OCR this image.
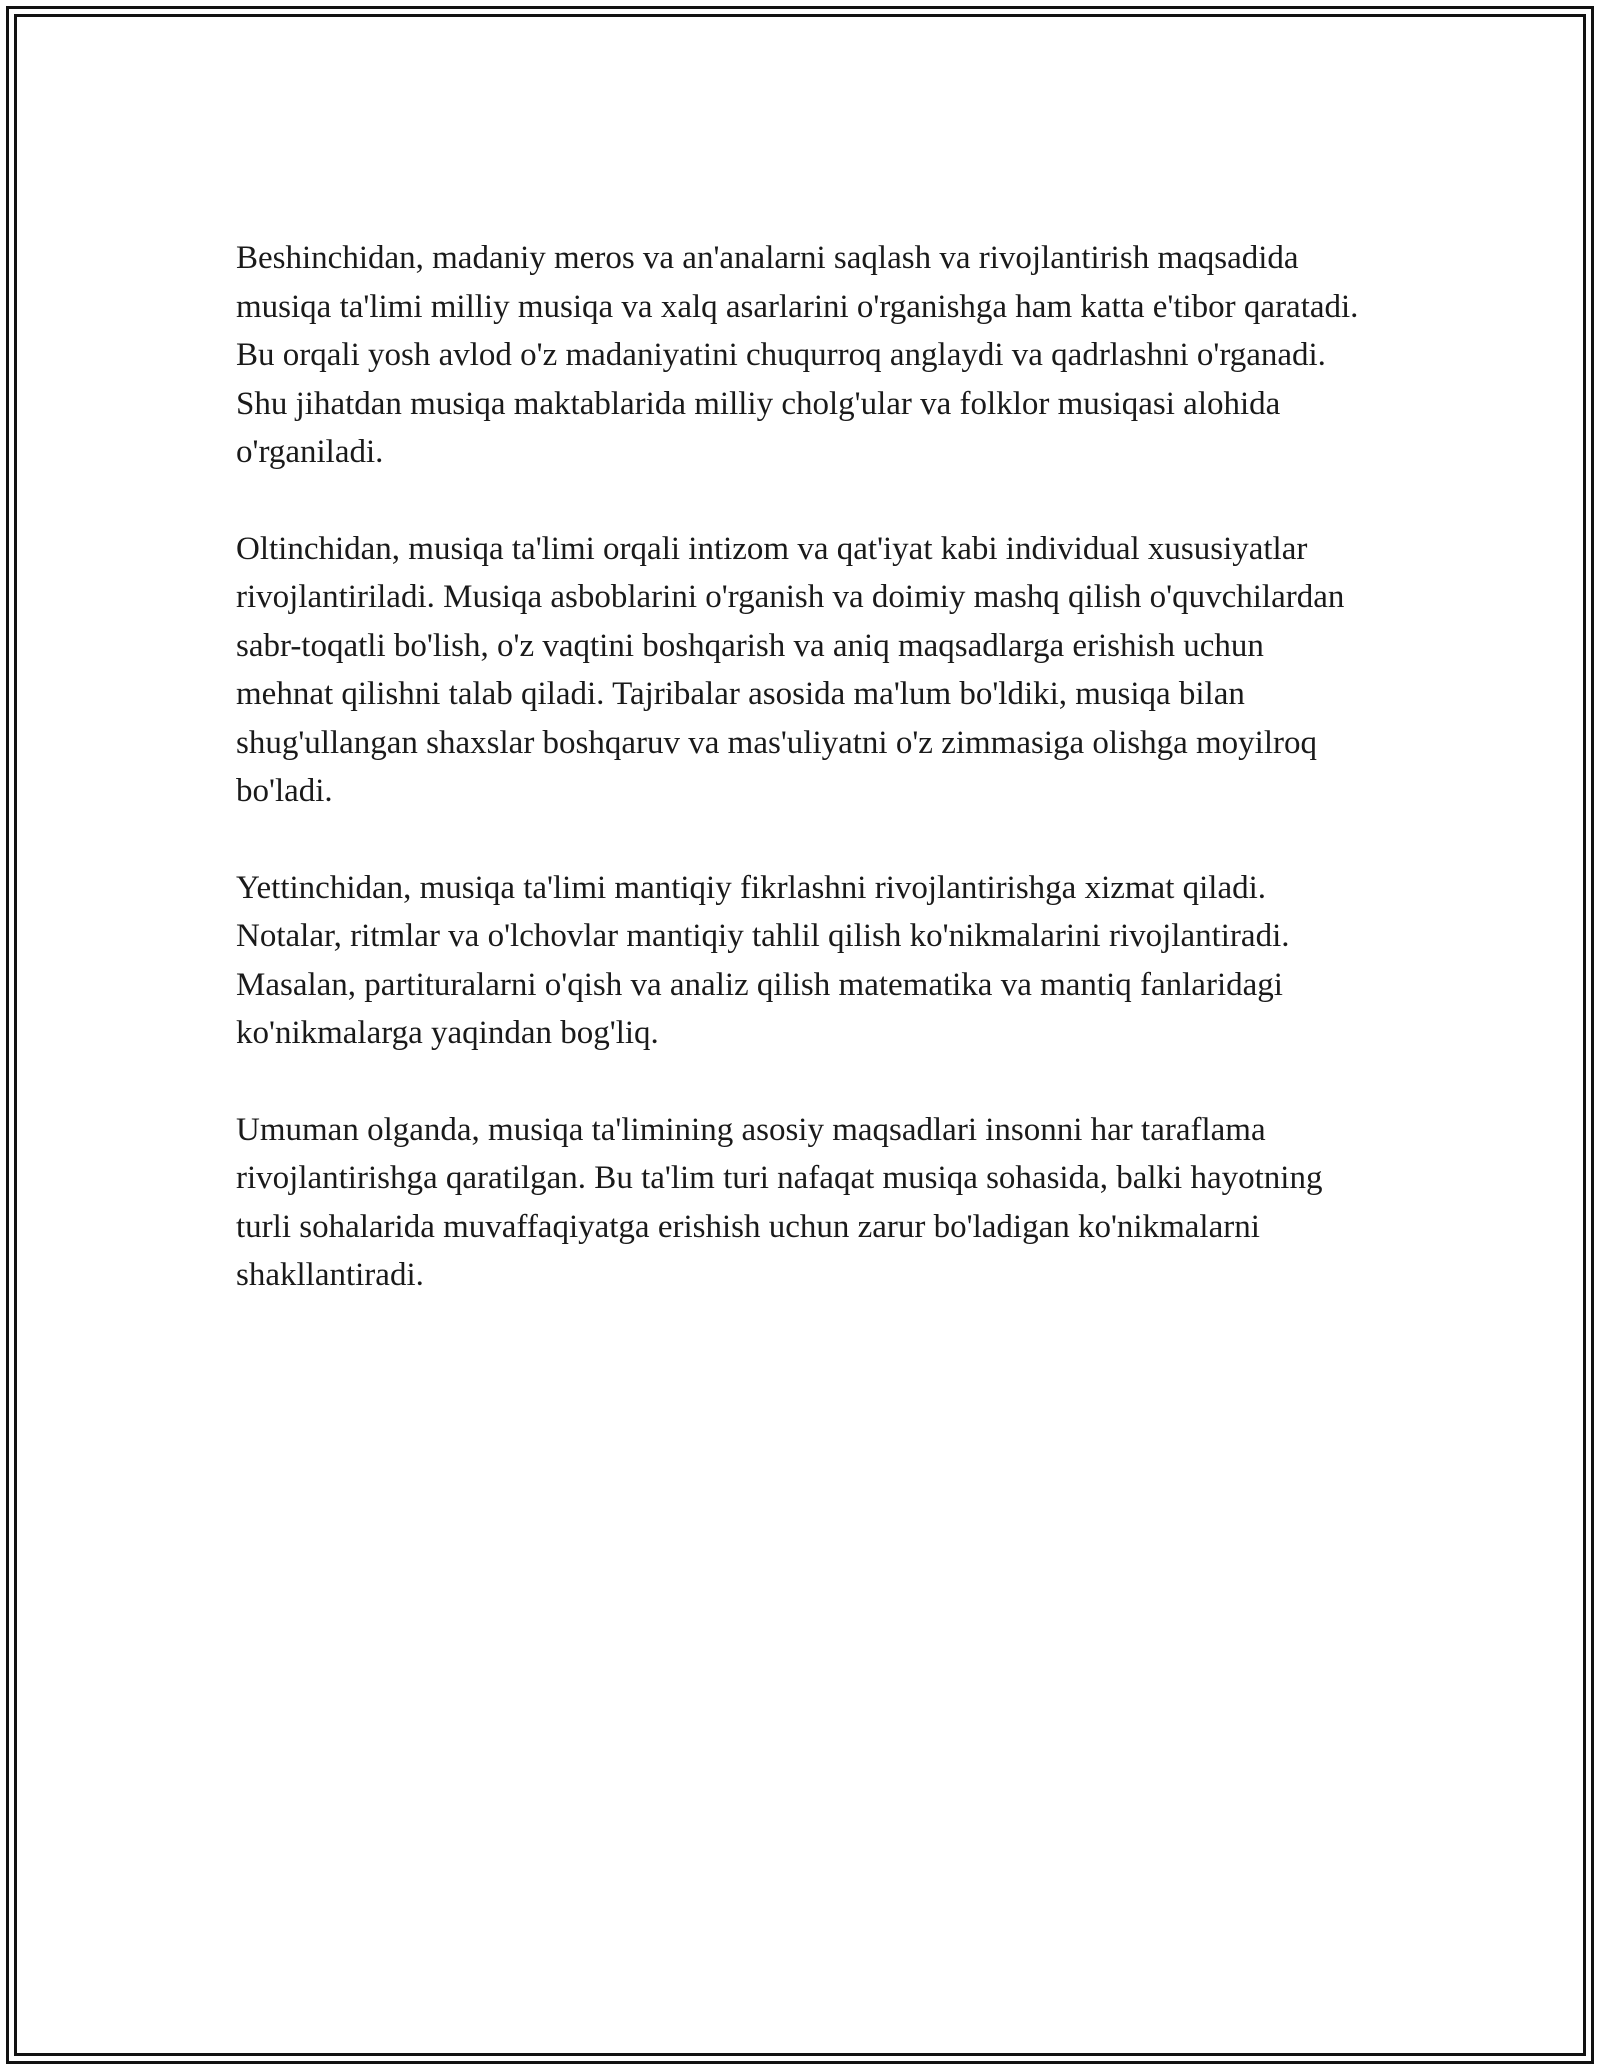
Beshinchidan, madaniy meros va an'analarni saqlash va rivojlantirish maqsadida musiqa ta'limi milliy musiqa va xalq asarlarini o'rganishga ham katta e'tibor qaratadi. Bu orqali yosh avlod o'z madaniyatini chuqurroq anglaydi va qadrlashni o'rganadi. Shu jihatdan musiqa maktablarida milliy cholg'ular va folklor musiqasi alohida o'rganiladi.

Oltinchidan, musiqa ta'limi orqali intizom va qat'iyat kabi individual xususiyatlar rivojlantiriladi. Musiqa asboblarini o'rganish va doimiy mashq qilish o'quvchilardan sabr-toqatli bo'lish, o'z vaqtini boshqarish va aniq maqsadlarga erishish uchun mehnat qilishni talab qiladi. Tajribalar asosida ma'lum bo'ldiki, musiqa bilan shug'ullangan shaxslar boshqaruv va mas'uliyatni o'z zimmasiga olishga moyilroq bo'ladi.

Yettinchidan, musiqa ta'limi mantiqiy fikrlashni rivojlantirishga xizmat qiladi. Notalar, ritmlar va o'lchovlar mantiqiy tahlil qilish ko'nikmalarini rivojlantiradi. Masalan, partituralarni o'qish va analiz qilish matematika va mantiq fanlaridagi ko'nikmalarga yaqindan bog'liq.

Umuman olganda, musiqa ta'limining asosiy maqsadlari insonni har taraflama rivojlantirishga qaratilgan. Bu ta'lim turi nafaqat musiqa sohasida, balki hayotning turli sohalarida muvaffaqiyatga erishish uchun zarur bo'ladigan ko'nikmalarni shakllantiradi.
